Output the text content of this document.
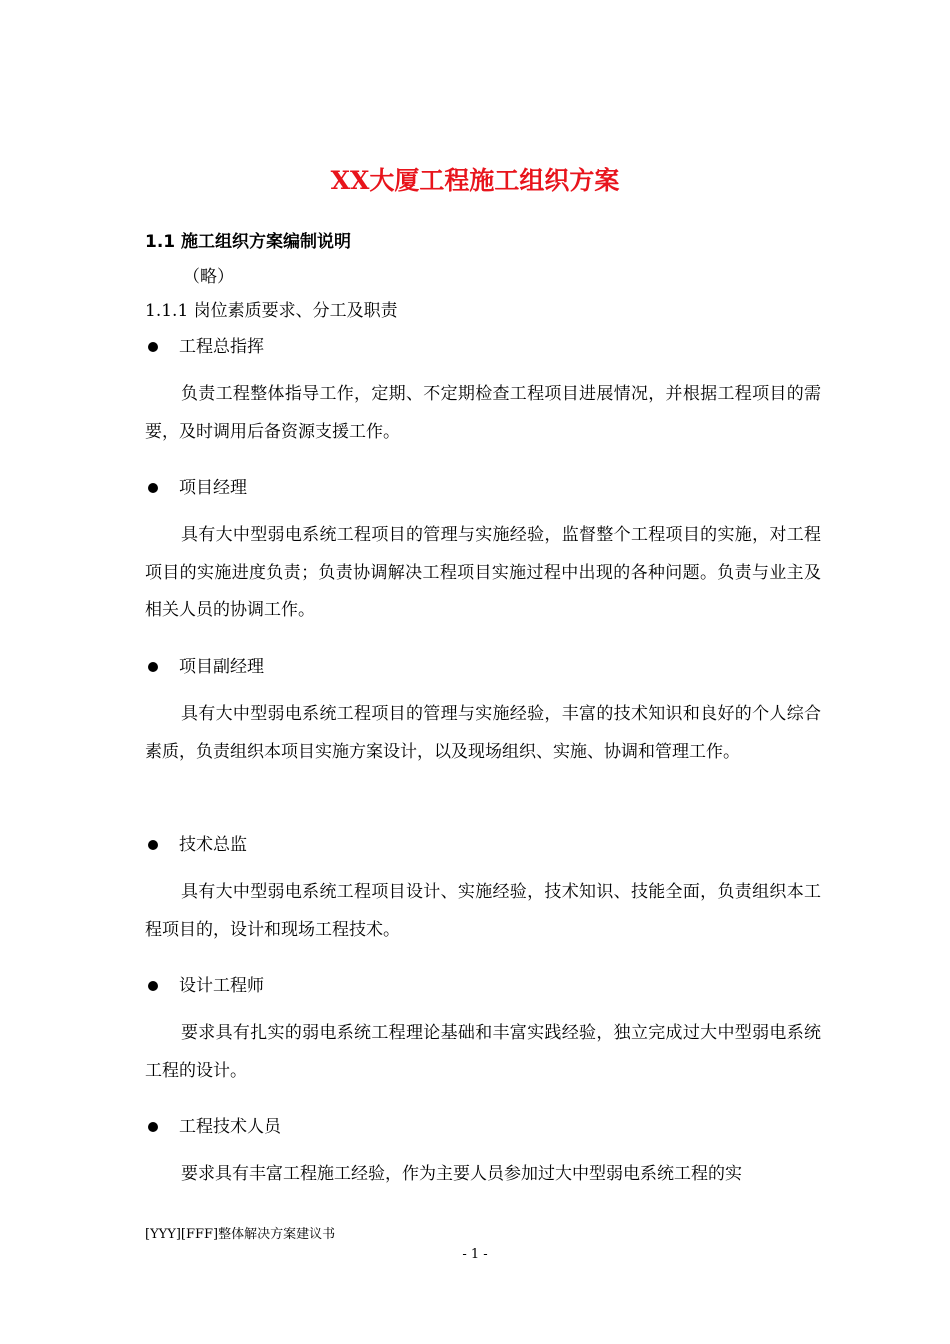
XX大厦工程施工组织方案
1.1 施工组织方案编制说明
（略）
1.1.1 岗位素质要求、分工及职责
工程总指挥
负责工程整体指导工作，定期、不定期检查工程项目进展情况，并根据工程项目的需要，及时调用后备资源支援工作。
项目经理
具有大中型弱电系统工程项目的管理与实施经验，监督整个工程项目的实施，对工程项目的实施进度负责；负责协调解决工程项目实施过程中出现的各种问题。负责与业主及相关人员的协调工作。
项目副经理
具有大中型弱电系统工程项目的管理与实施经验，丰富的技术知识和良好的个人综合素质，负责组织本项目实施方案设计，以及现场组织、实施、协调和管理工作。
技术总监
具有大中型弱电系统工程项目设计、实施经验，技术知识、技能全面，负责组织本工程项目的，设计和现场工程技术。
设计工程师
要求具有扎实的弱电系统工程理论基础和丰富实践经验，独立完成过大中型弱电系统工程的设计。
工程技术人员
要求具有丰富工程施工经验，作为主要人员参加过大中型弱电系统工程的实
[YYY][FFF]整体解决方案建议书
- 1 -
